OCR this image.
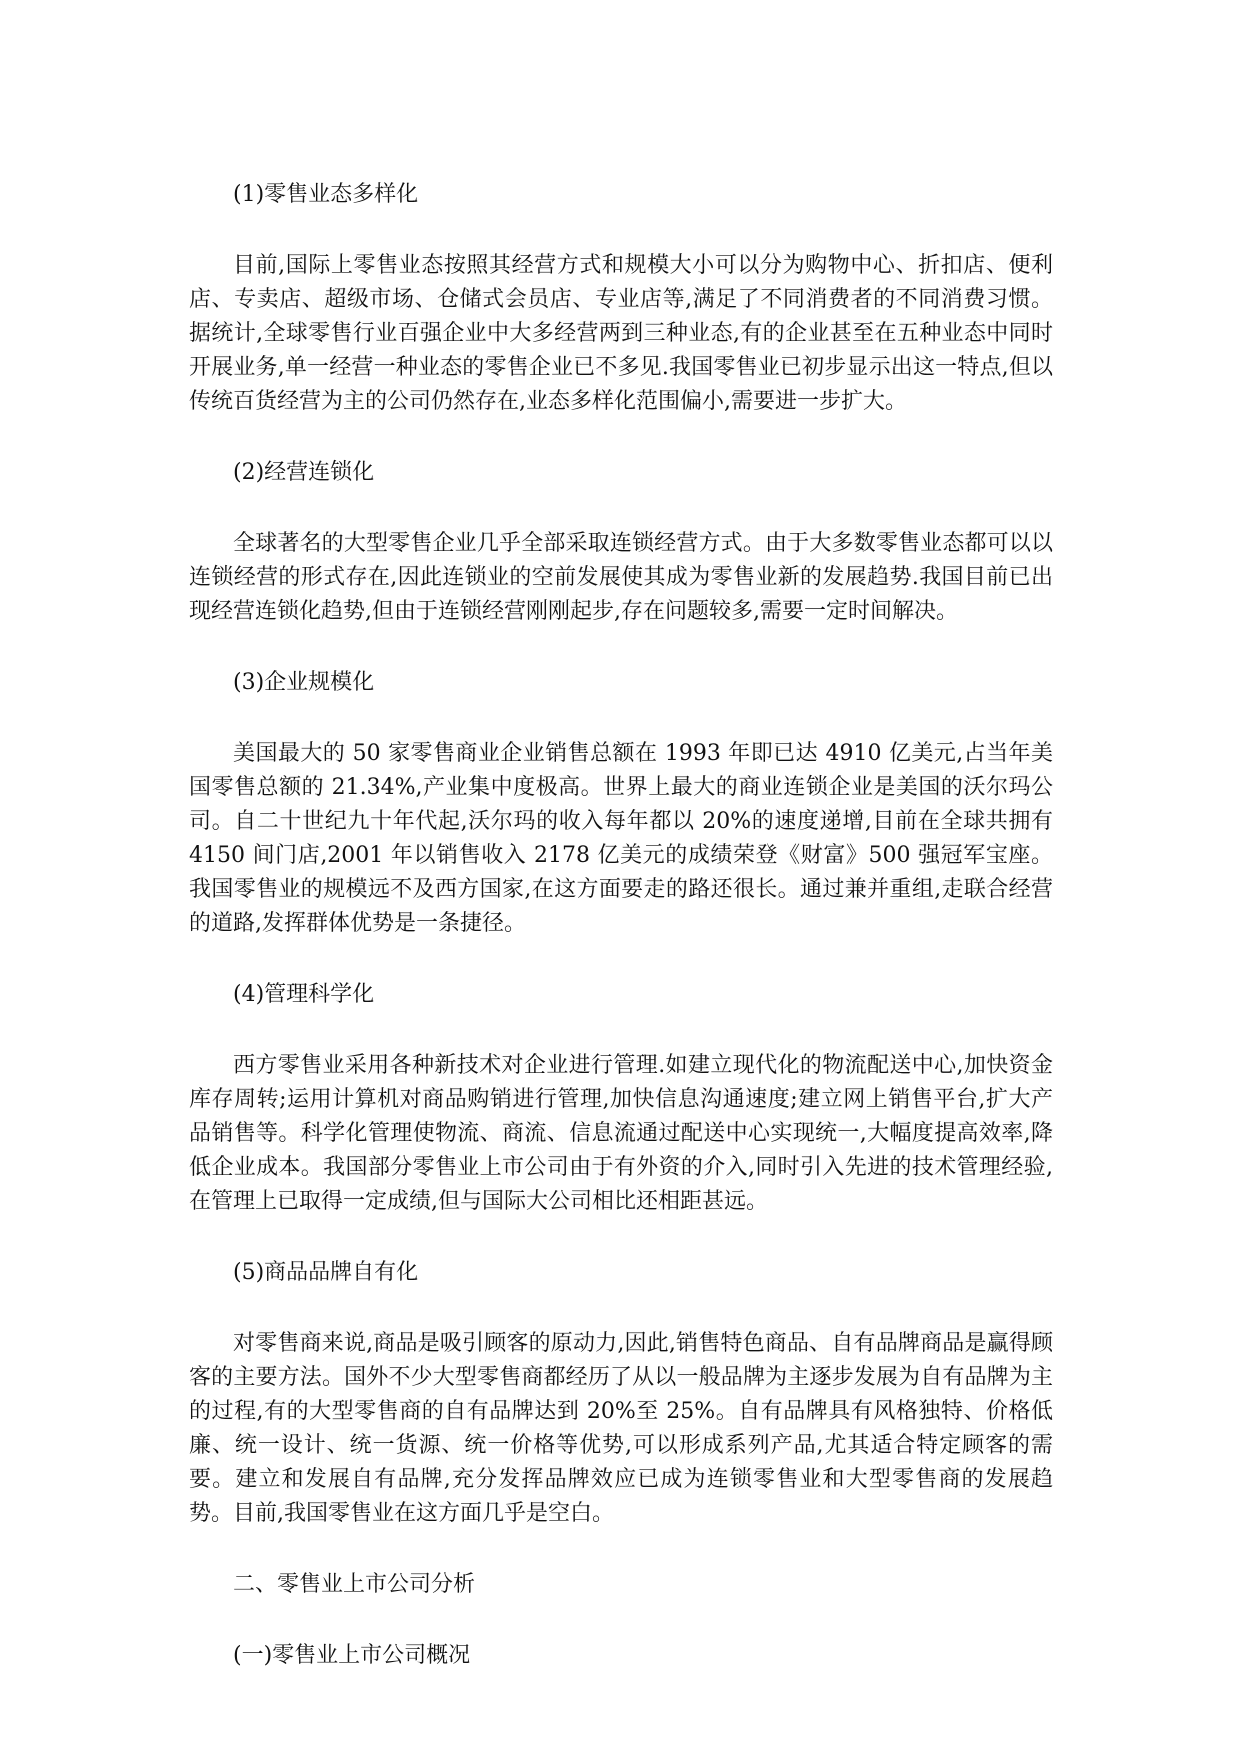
(1)零售业态多样化

目前,国际上零售业态按照其经营方式和规模大小可以分为购物中心、折扣店、便利店、专卖店、超级市场、仓储式会员店、专业店等,满足了不同消费者的不同消费习惯。据统计,全球零售行业百强企业中大多经营两到三种业态,有的企业甚至在五种业态中同时开展业务,单一经营一种业态的零售企业已不多见.我国零售业已初步显示出这一特点,但以传统百货经营为主的公司仍然存在,业态多样化范围偏小,需要进一步扩大。

(2)经营连锁化

全球著名的大型零售企业几乎全部采取连锁经营方式。由于大多数零售业态都可以以连锁经营的形式存在,因此连锁业的空前发展使其成为零售业新的发展趋势.我国目前已出现经营连锁化趋势,但由于连锁经营刚刚起步,存在问题较多,需要一定时间解决。

(3)企业规模化

美国最大的 50 家零售商业企业销售总额在 1993 年即已达 4910 亿美元,占当年美国零售总额的 21.34%,产业集中度极高。世界上最大的商业连锁企业是美国的沃尔玛公司。自二十世纪九十年代起,沃尔玛的收入每年都以 20%的速度递增,目前在全球共拥有 4150 间门店,2001 年以销售收入 2178 亿美元的成绩荣登《财富》500 强冠军宝座。我国零售业的规模远不及西方国家,在这方面要走的路还很长。通过兼并重组,走联合经营的道路,发挥群体优势是一条捷径。

(4)管理科学化

西方零售业采用各种新技术对企业进行管理.如建立现代化的物流配送中心,加快资金库存周转;运用计算机对商品购销进行管理,加快信息沟通速度;建立网上销售平台,扩大产品销售等。科学化管理使物流、商流、信息流通过配送中心实现统一,大幅度提高效率,降低企业成本。我国部分零售业上市公司由于有外资的介入,同时引入先进的技术管理经验,在管理上已取得一定成绩,但与国际大公司相比还相距甚远。

(5)商品品牌自有化

对零售商来说,商品是吸引顾客的原动力,因此,销售特色商品、自有品牌商品是赢得顾客的主要方法。国外不少大型零售商都经历了从以一般品牌为主逐步发展为自有品牌为主的过程,有的大型零售商的自有品牌达到 20%至 25%。自有品牌具有风格独特、价格低廉、统一设计、统一货源、统一价格等优势,可以形成系列产品,尤其适合特定顾客的需要。建立和发展自有品牌,充分发挥品牌效应已成为连锁零售业和大型零售商的发展趋势。目前,我国零售业在这方面几乎是空白。

二、零售业上市公司分析

(一)零售业上市公司概况
